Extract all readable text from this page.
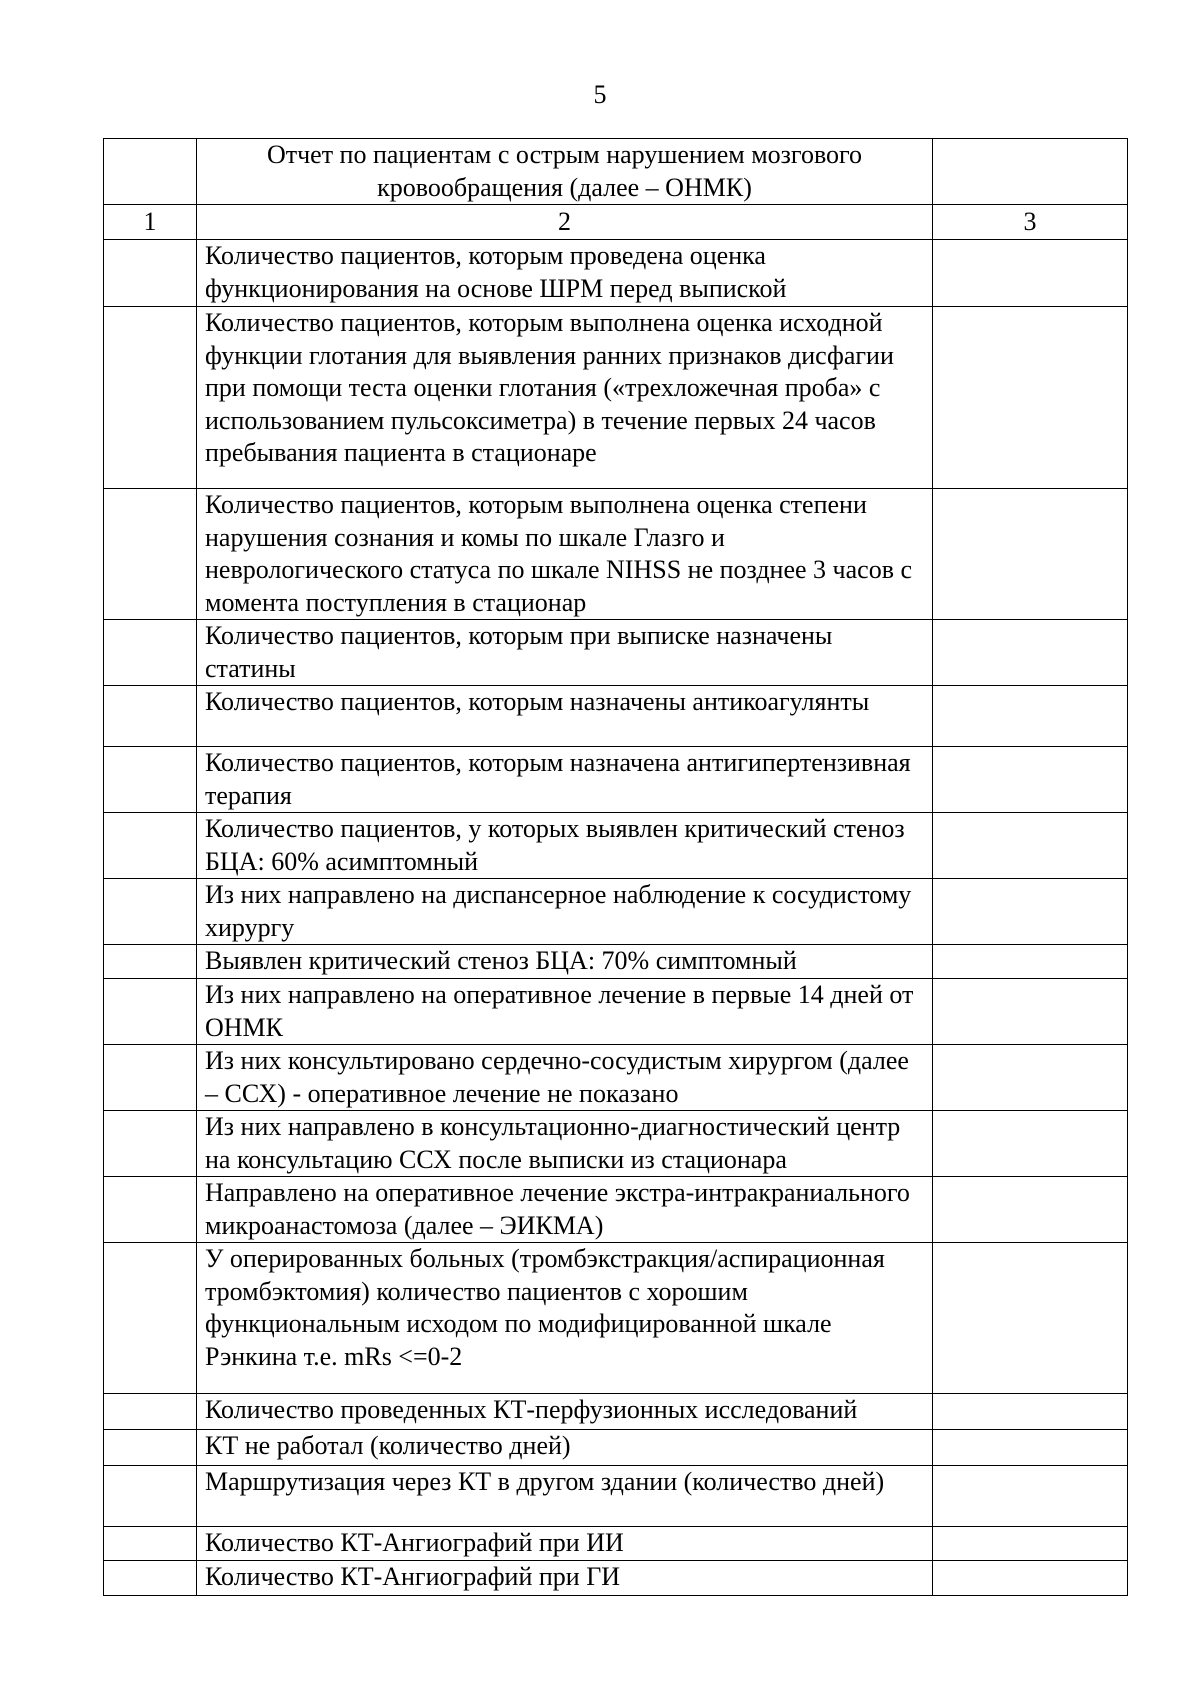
5
	Отчет по пациентам с острым нарушением мозгового кровообращения (далее – ОНМК)	
1	2	3
	Количество пациентов, которым проведена оценка функционирования на основе ШРМ перед выпиской	
	Количество пациентов, которым выполнена оценка исходной функции глотания для выявления ранних признаков дисфагии при помощи теста оценки глотания («трехложечная проба» с использованием пульсоксиметра) в течение первых 24 часов пребывания пациента в стационаре	
	Количество пациентов, которым выполнена оценка степени нарушения сознания и комы по шкале Глазго и неврологического статуса по шкале NIHSS не позднее 3 часов с момента поступления в стационар	
	Количество пациентов, которым при выписке назначены статины	
	Количество пациентов, которым назначены антикоагулянты	
	Количество пациентов, которым назначена антигипертензивная терапия	
	Количество пациентов, у которых выявлен критический стеноз БЦА: 60% асимптомный	
	Из них направлено на диспансерное наблюдение к сосудистому хирургу	
	Выявлен критический стеноз БЦА: 70% симптомный	
	Из них направлено на оперативное лечение в первые 14 дней от ОНМК	
	Из них консультировано сердечно-сосудистым хирургом (далее – ССХ) - оперативное лечение не показано	
	Из них направлено в консультационно-диагностический центр на консультацию ССХ после выписки из стационара	
	Направлено на оперативное лечение экстра-интракраниального микроанастомоза (далее – ЭИКМА)	
	У оперированных больных (тромбэкстракция/аспирационная тромбэктомия) количество пациентов с хорошим функциональным исходом по модифицированной шкале Рэнкина т.е. mRs <=0-2	
	Количество проведенных КТ-перфузионных исследований	
	КТ не работал (количество дней)	
	Маршрутизация через КТ в другом здании (количество дней)	
	Количество КТ-Ангиографий при ИИ	
	Количество КТ-Ангиографий при ГИ	
